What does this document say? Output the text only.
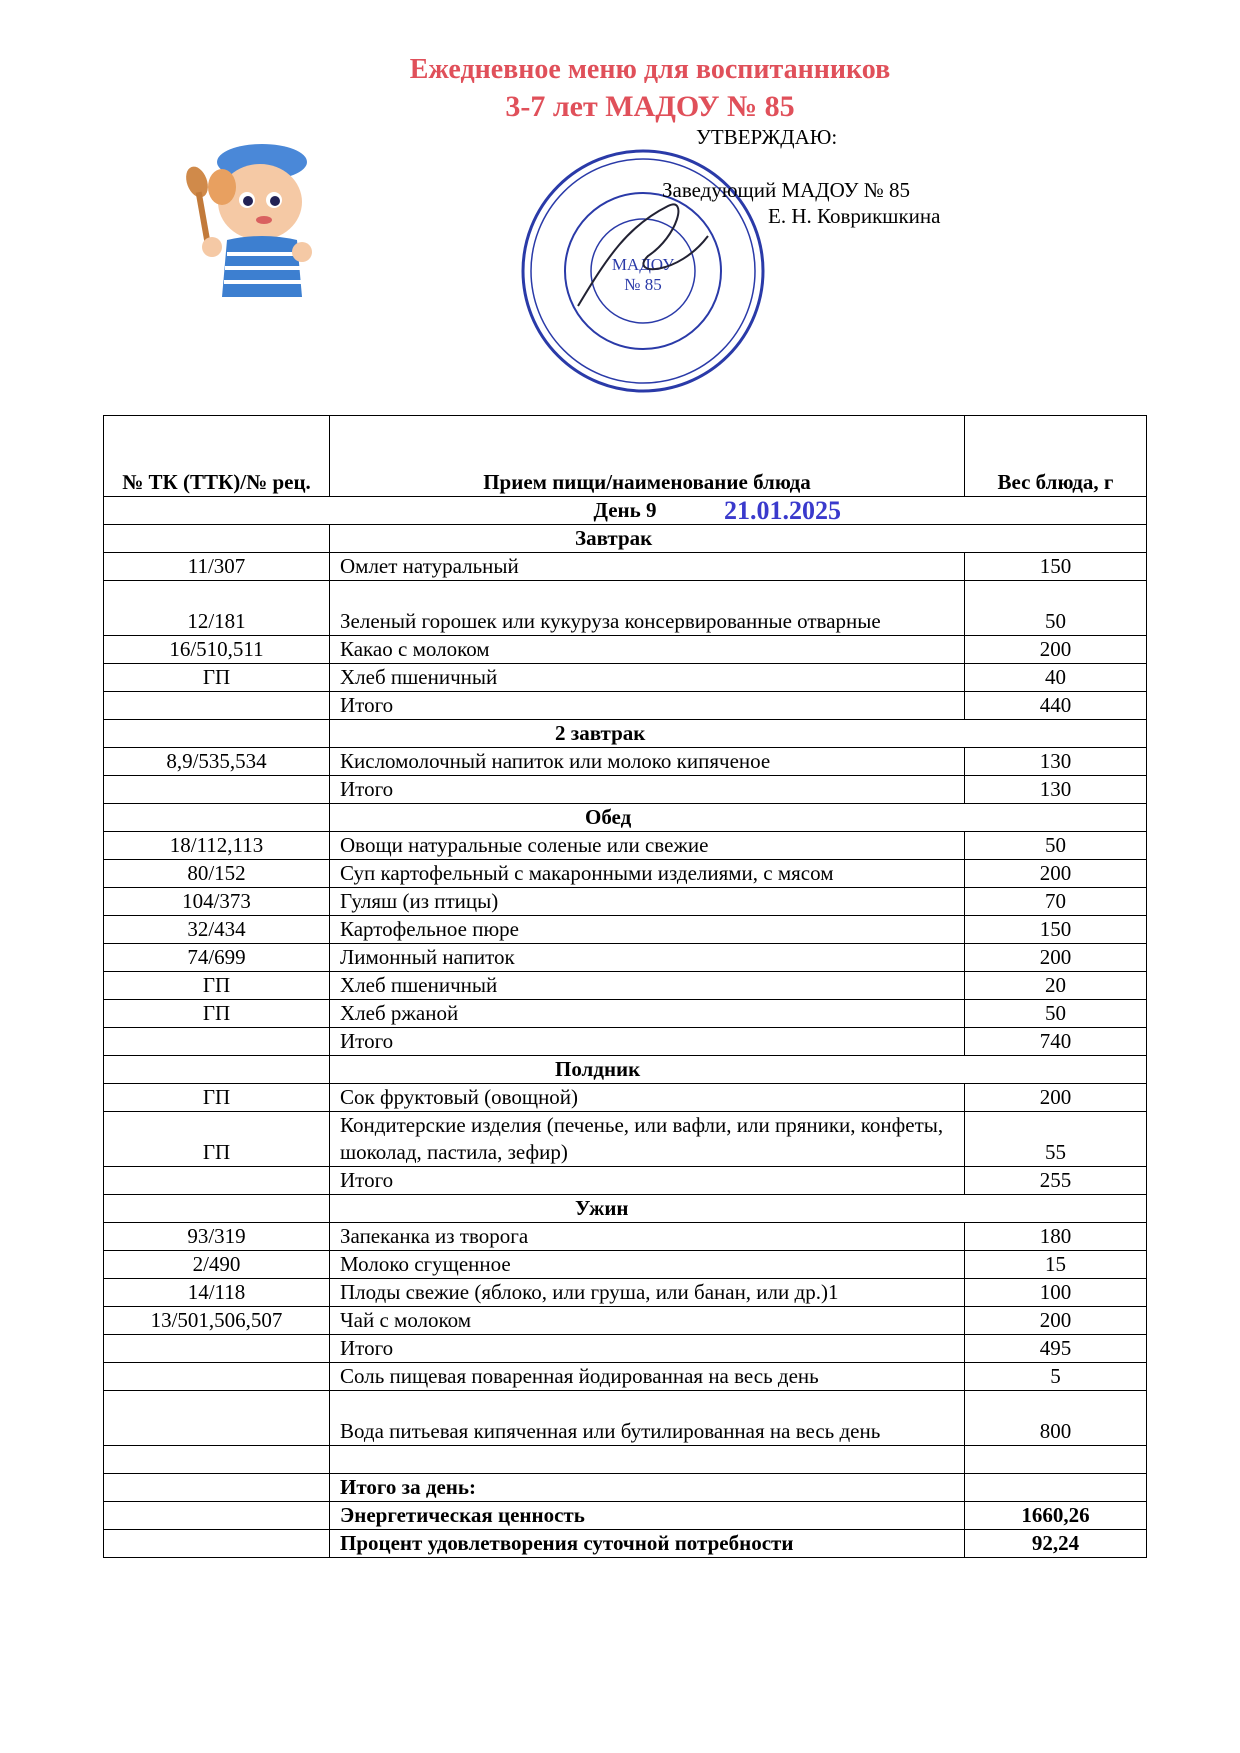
Ежедневное меню для воспитанников
3-7 лет МАДОУ № 85
МАДОУ
№ 85
УТВЕРЖДАЮ:
Заведующий МАДОУ № 85
Е. Н. Коврикшкина
№ ТК (ТТК)/№ рец.	Прием пищи/наименование блюда	Вес блюда, г
День 9 21.01.2025		

	Завтрак	
11/307	Омлет натуральный	150
12/181	Зеленый горошек или кукуруза консервированные отварные	50
16/510,511	Какао с молоком	200
ГП	Хлеб пшеничный	40
	Итого	440
	2 завтрак	
8,9/535,534	Кисломолочный напиток или молоко кипяченое	130
	Итого	130
	Обед	
18/112,113	Овощи натуральные соленые или свежие	50
80/152	Суп картофельный с макаронными изделиями, с мясом	200
104/373	Гуляш (из птицы)	70
32/434	Картофельное пюре	150
74/699	Лимонный напиток	200
ГП	Хлеб пшеничный	20
ГП	Хлеб ржаной	50
	Итого	740
	Полдник	
ГП	Сок фруктовый (овощной)	200
ГП	Кондитерские изделия (печенье, или вафли, или пряники, конфеты, шоколад, пастила, зефир)	55
	Итого	255
	Ужин	
93/319	Запеканка из творога	180
2/490	Молоко сгущенное	15
14/118	Плоды свежие (яблоко, или груша, или банан, или др.)1	100
13/501,506,507	Чай с молоком	200
	Итого	495
	Соль пищевая поваренная йодированная на весь день	5
	Вода питьевая кипяченная или бутилированная на весь день	800

	Итого за день:	
	Энергетическая ценность	1660,26
	Процент удовлетворения суточной потребности	92,24
